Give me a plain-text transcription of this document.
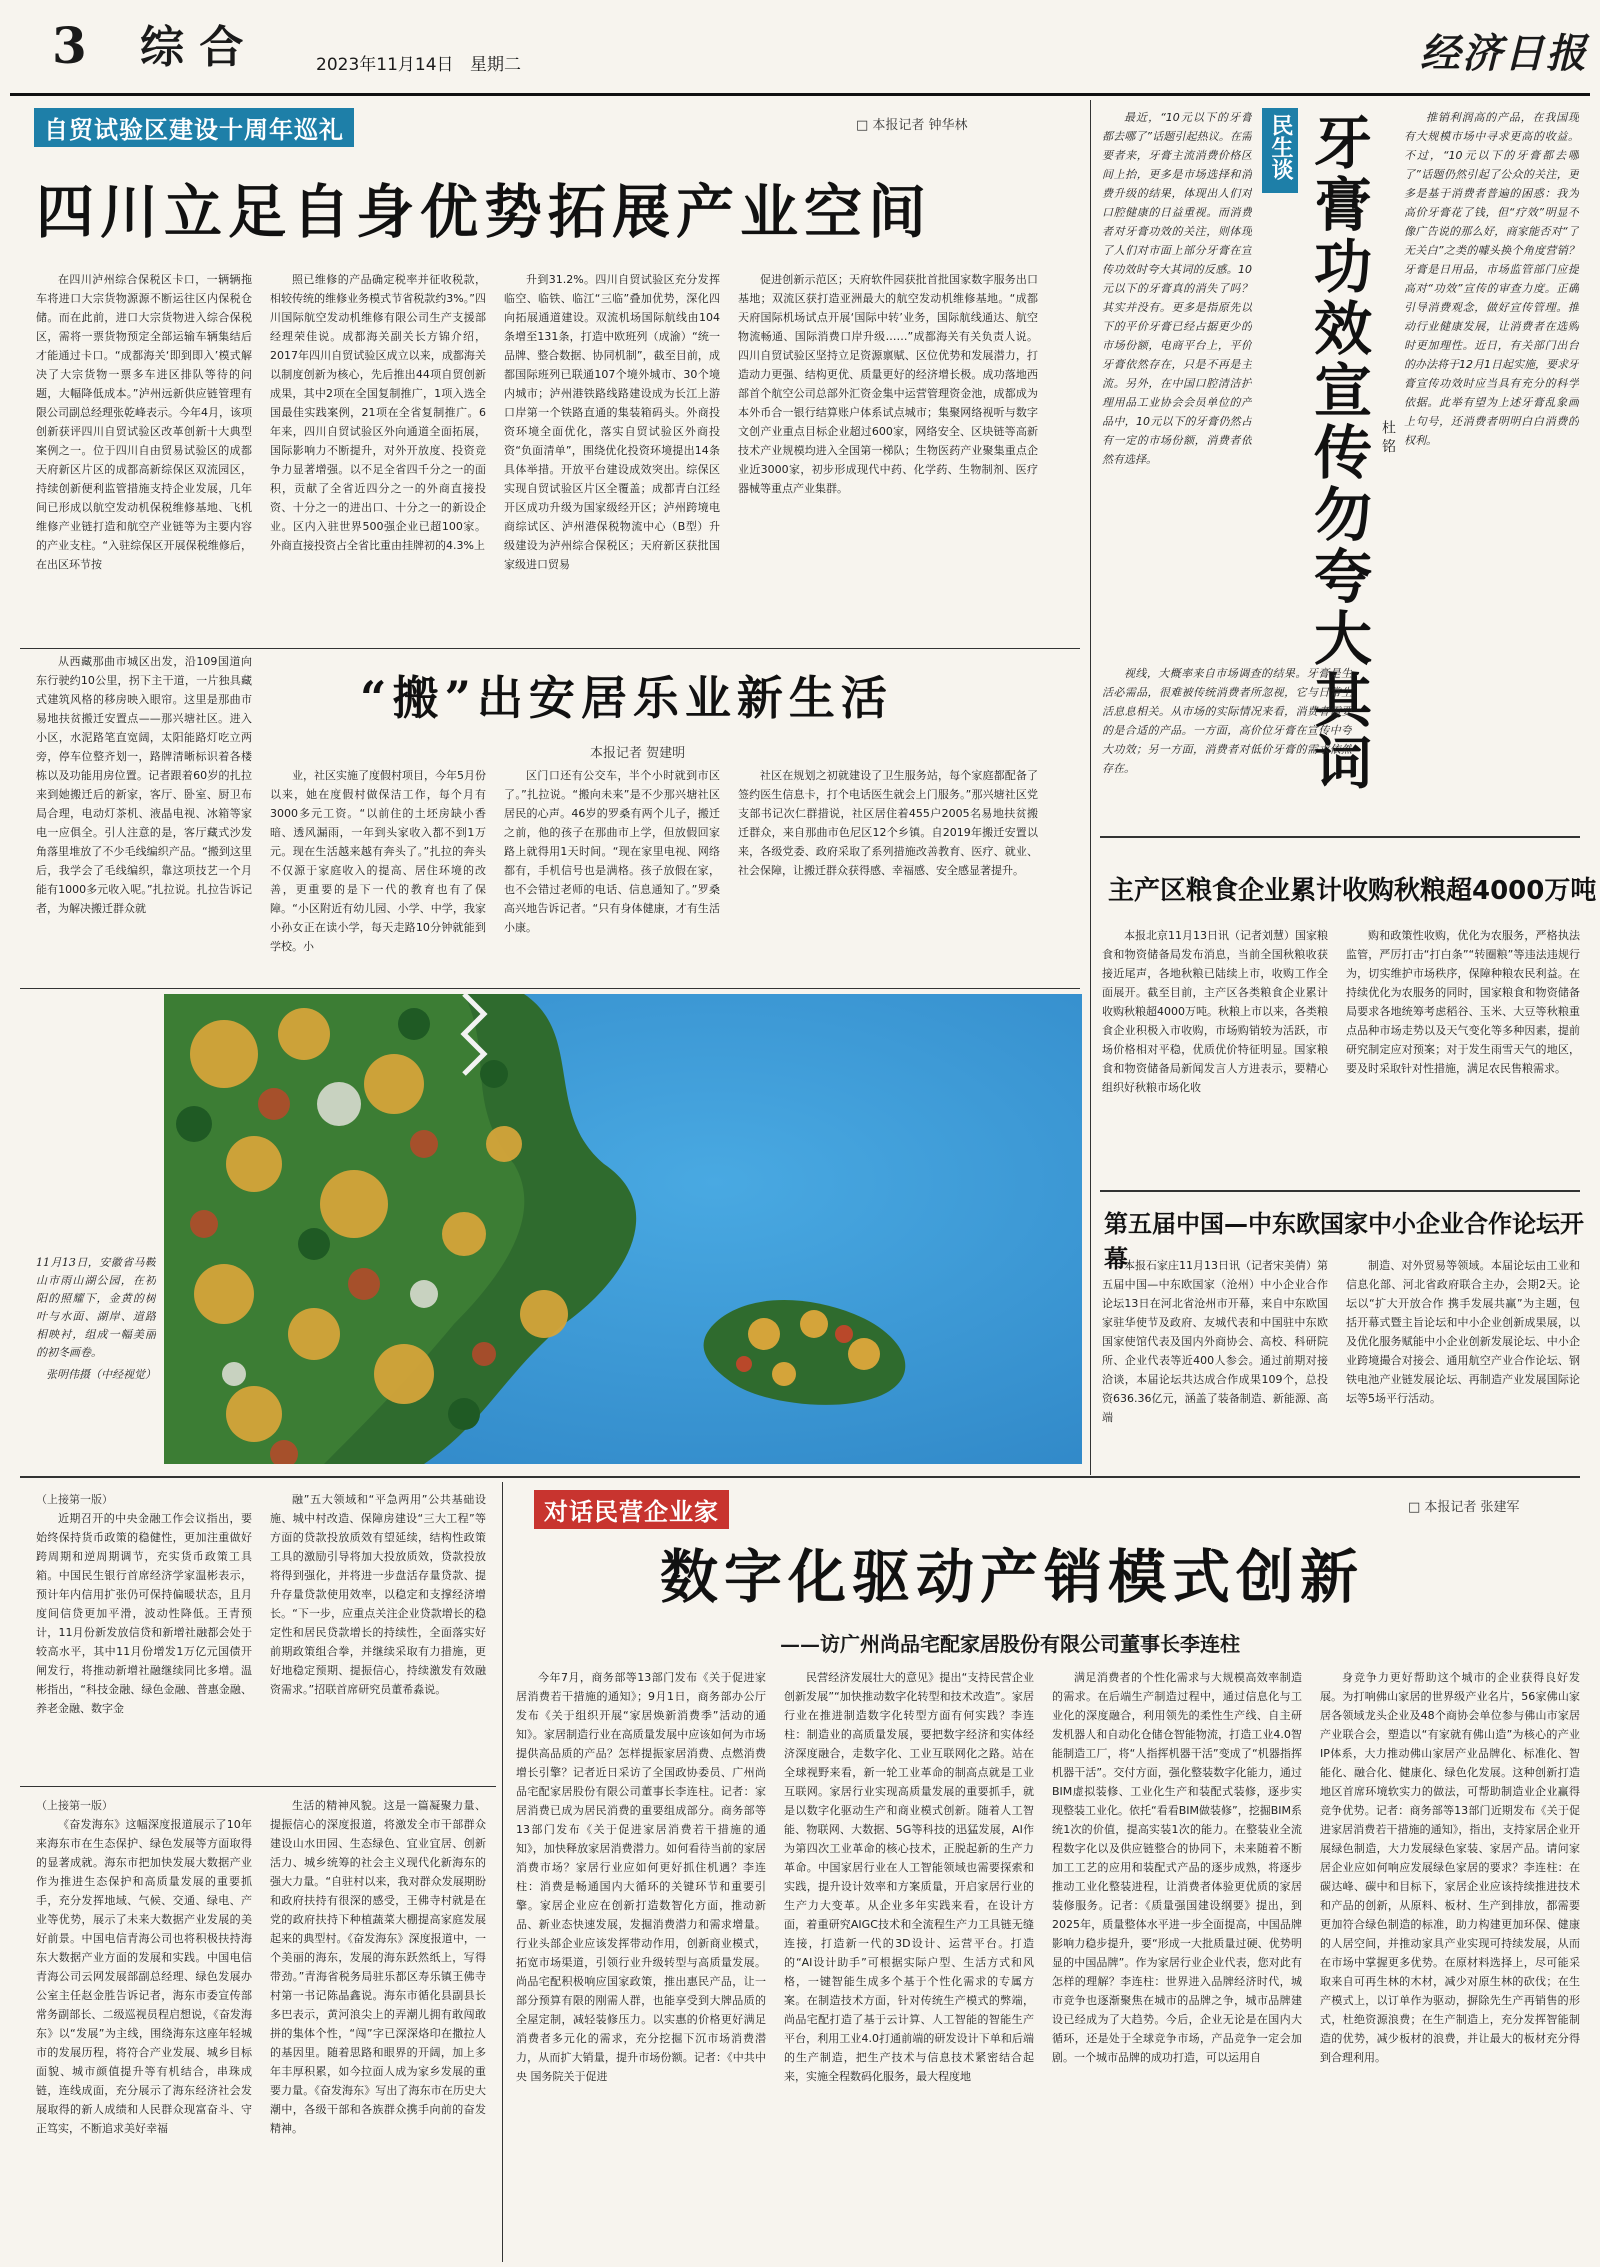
3 综 合	2023年11月14日 星期二	经济日报
自贸试验区建设十周年巡礼	□ 本报记者 钟华林
四川立足自身优势拓展产业空间

在四川泸州综合保税区卡口，一辆辆拖车将进口大宗货物源源不断运往区内保税仓储。而在此前，进口大宗货物进入综合保税区，需将一票货物预定全部运输车辆集结后才能通过卡口。“成都海关‘即到即入’模式解决了大宗货物一票多车进区排队等待的问题，大幅降低成本。”泸州远新供应链管理有限公司副总经理张乾峰表示。今年4月，该项创新获评四川自贸试验区改革创新十大典型案例之一。位于四川自由贸易试验区的成都天府新区片区的成都高新综保区双流园区，持续创新便利监管措施支持企业发展，几年间已形成以航空发动机保税维修基地、飞机维修产业链打造和航空产业链等为主要内容的产业支柱。“入驻综保区开展保税维修后，在出区环节按

照已维修的产品确定税率并征收税款，相较传统的维修业务模式节省税款约3%。”四川国际航空发动机维修有限公司生产支援部经理荣佳说。成都海关副关长方锦介绍，2017年四川自贸试验区成立以来，成都海关以制度创新为核心，先后推出44项自贸创新成果，其中2项在全国复制推广，1项入选全国最佳实践案例，21项在全省复制推广。6年来，四川自贸试验区外向通道全面拓展，国际影响力不断提升，对外开放度、投资竞争力显著增强。以不足全省四千分之一的面积，贡献了全省近四分之一的外商直接投资、十分之一的进出口、十分之一的新设企业。区内入驻世界500强企业已超100家。外商直接投资占全省比重由挂牌初的4.3%上

升到31.2%。四川自贸试验区充分发挥临空、临铁、临江“三临”叠加优势，深化四向拓展通道建设。双流机场国际航线由104条增至131条，打造中欧班列（成渝）“统一品牌、整合数据、协同机制”，截至目前，成都国际班列已联通107个境外城市、30个境内城市；泸州港铁路线路建设成为长江上游口岸第一个铁路直通的集装箱码头。外商投资环境全面优化，落实自贸试验区外商投资“负面清单”，围绕优化投资环境提出14条具体举措。开放平台建设成效突出。综保区实现自贸试验区片区全覆盖；成都青白江经开区成功升级为国家级经开区；泸州跨境电商综试区、泸州港保税物流中心（B型）升级建设为泸州综合保税区；天府新区获批国家级进口贸易

促进创新示范区；天府软件园获批首批国家数字服务出口基地；双流区获打造亚洲最大的航空发动机维修基地。“成都天府国际机场试点开展‘国际中转’业务，国际航线通达、航空物流畅通、国际消费口岸升级……”成都海关有关负责人说。四川自贸试验区坚持立足资源禀赋、区位优势和发展潜力，打造动力更强、结构更优、质量更好的经济增长极。成功落地西部首个航空公司总部外汇资金集中运营管理资金池，成都成为本外币合一银行结算账户体系试点城市；集聚网络视听与数字文创产业重点目标企业超过600家，网络安全、区块链等高新技术产业规模均进入全国第一梯队；生物医药产业聚集重点企业近3000家，初步形成现代中药、化学药、生物制剂、医疗器械等重点产业集群。

民生谈 牙膏功效宣传勿夸大其词 杜 铭

最近，“10元以下的牙膏都去哪了”话题引起热议。在需要者来，牙膏主流消费价格区间上抬，更多是市场选择和消费升级的结果，体现出人们对口腔健康的日益重视。而消费者对牙膏功效的关注，则体现了人们对市面上部分牙膏在宣传功效时夸大其词的反感。10元以下的牙膏真的消失了吗？其实并没有。更多是指原先以下的平价牙膏已经占据更少的市场份额，电商平台上，平价牙膏依然存在，只是不再是主流。另外，在中国口腔清洁护理用品工业协会会员单位的产品中，10元以下的牙膏仍然占有一定的市场份额，消费者依然有选择。

视线，大概率来自市场调查的结果。牙膏是生活必需品，很难被传统消费者所忽视，它与日常生活息息相关。从市场的实际情况来看，消费者需要的是合适的产品。一方面，高价位牙膏在宣传中夸大功效；另一方面，消费者对低价牙膏的需求依然存在。

推销利润高的产品，在我国现有大规模市场中寻求更高的收益。不过，“10元以下的牙膏都去哪了”话题仍然引起了公众的关注，更多是基于消费者普遍的困惑：我为高价牙膏花了钱，但“疗效”明显不像广告说的那么好，商家能否对“了无关白”之类的噱头换个角度营销？牙膏是日用品，市场监管部门应提高对“功效”宣传的审查力度。正确引导消费观念，做好宣传管理。推动行业健康发展，让消费者在选购时更加理性。近日，有关部门出台的办法将于12月1日起实施，要求牙膏宣传功效时应当具有充分的科学依据。此举有望为上述牙膏乱象画上句号，还消费者明明白白消费的权利。

主产区粮食企业累计收购秋粮超4000万吨

本报北京11月13日讯（记者刘慧）国家粮食和物资储备局发布消息，当前全国秋粮收获接近尾声，各地秋粮已陆续上市，收购工作全面展开。截至目前，主产区各类粮食企业累计收购秋粮超4000万吨。秋粮上市以来，各类粮食企业积极入市收购，市场购销较为活跃，市场价格相对平稳，优质优价特征明显。国家粮食和物资储备局新闻发言人方进表示，要精心组织好秋粮市场化收

购和政策性收购，优化为农服务，严格执法监管，严厉打击“打白条”“转圈粮”等违法违规行为，切实维护市场秩序，保障种粮农民利益。在持续优化为农服务的同时，国家粮食和物资储备局要求各地统筹考虑稻谷、玉米、大豆等秋粮重点品种市场走势以及天气变化等多种因素，提前研究制定应对预案；对于发生雨雪天气的地区，要及时采取针对性措施，满足农民售粮需求。

第五届中国—中东欧国家中小企业合作论坛开幕

本报石家庄11月13日讯（记者宋美倩）第五届中国—中东欧国家（沧州）中小企业合作论坛13日在河北省沧州市开幕，来自中东欧国家驻华使节及政府、友城代表和中国驻中东欧国家使馆代表及国内外商协会、高校、科研院所、企业代表等近400人参会。通过前期对接洽谈，本届论坛共达成合作成果109个，总投资636.36亿元，涵盖了装备制造、新能源、高端

制造、对外贸易等领域。本届论坛由工业和信息化部、河北省政府联合主办，会期2天。论坛以“扩大开放合作 携手发展共赢”为主题，包括开幕式暨主旨论坛和中小企业创新成果展，以及优化服务赋能中小企业创新发展论坛、中小企业跨境撮合对接会、通用航空产业合作论坛、钢铁电池产业链发展论坛、再制造产业发展国际论坛等5场平行活动。

“搬”出安居乐业新生活
本报记者 贺建明

从西藏那曲市城区出发，沿109国道向东行驶约10公里，拐下主干道，一片独具藏式建筑风格的移房映入眼帘。这里是那曲市易地扶贫搬迁安置点——那兴塘社区。进入小区，水泥路笔直宽阔，太阳能路灯吃立两旁，停车位整齐划一，路牌清晰标识着各楼栋以及功能用房位置。记者跟着60岁的扎拉来到她搬迁后的新家，客厅、卧室、厨卫布局合理，电动灯茶机、液晶电视、冰箱等家电一应俱全。引人注意的是，客厅藏式沙发角落里堆放了不少毛线编织产品。“搬到这里后，我学会了毛线编织，靠这项技艺一个月能有1000多元收入呢。”扎拉说。扎拉告诉记者，为解决搬迁群众就

业，社区实施了度假村项目，今年5月份以来，她在度假村做保洁工作，每个月有3000多元工资。“以前住的土坯房缺小香暗、透风漏雨，一年到头家收入都不到1万元。现在生活越来越有奔头了。”扎拉的奔头不仅源于家庭收入的提高、居住环境的改善，更重要的是下一代的教育也有了保障。“小区附近有幼儿园、小学、中学，我家小孙女正在读小学，每天走路10分钟就能到学校。小

区门口还有公交车，半个小时就到市区了。”扎拉说。“搬向未来”是不少那兴塘社区居民的心声。46岁的罗桑有两个儿子，搬迁之前，他的孩子在那曲市上学，但放假回家路上就得用1天时间。“现在家里电视、网络都有，手机信号也是满格。孩子放假在家，也不会错过老师的电话、信息通知了。”罗桑高兴地告诉记者。“只有身体健康，才有生活小康。

社区在规划之初就建设了卫生服务站，每个家庭都配备了签约医生信息卡，打个电话医生就会上门服务。”那兴塘社区党支部书记次仁群措说，社区居住着455户2005名易地扶贫搬迁群众，来自那曲市色尼区12个乡镇。自2019年搬迁安置以来，各级党委、政府采取了系列措施改善教育、医疗、就业、社会保障，让搬迁群众获得感、幸福感、安全感显著提升。

11月13日，安徽省马鞍山市雨山湖公园，在初阳的照耀下，金黄的树叶与水面、湖岸、道路相映衬，组成一幅美丽的初冬画卷。

张明伟摄（中经视觉）

（上接第一版）

近期召开的中央金融工作会议指出，要始终保持货币政策的稳健性，更加注重做好跨周期和逆周期调节，充实货币政策工具箱。中国民生银行首席经济学家温彬表示，预计年内信用扩张仍可保持偏暖状态，且月度间信贷更加平滑，波动性降低。王青预计，11月份新发放信贷和新增社融都会处于较高水平，其中11月份增发1万亿元国债开闸发行，将推动新增社融继续同比多增。温彬指出，“科技金融、绿色金融、普惠金融、养老金融、数字金

融”五大领域和“平急两用”公共基础设施、城中村改造、保障房建设“三大工程”等方面的贷款投放质效有望延续，结构性政策工具的激励引导将加大投放质效，贷款投放将得到强化，并将进一步盘活存量贷款、提升存量贷款使用效率，以稳定和支撑经济增长。“下一步，应重点关注企业贷款增长的稳定性和居民贷款增长的持续性，全面落实好前期政策组合拳，并继续采取有力措施，更好地稳定预期、提振信心，持续激发有效融资需求。”招联首席研究员董希淼说。

（上接第一版）

《奋发海东》这幅深度报道展示了10年来海东市在生态保护、绿色发展等方面取得的显著成就。海东市把加快发展大数据产业作为推进生态保护和高质量发展的重要抓手，充分发挥地域、气候、交通、绿电、产业等优势，展示了未来大数据产业发展的美好前景。中国电信青海公司也将积极扶持海东大数据产业方面的发展和实践。中国电信青海公司云网发展部副总经理、绿色发展办公室主任赵金胜告诉记者，海东市委宣传部常务副部长、二级巡视员程启想说，《奋发海东》以“发展”为主线，围绕海东这座年轻城市的发展历程，将符合产业发展、城乡目标面貌、城市颜值提升等有机结合，串珠成链，连线成面，充分展示了海东经济社会发展取得的新人成绩和人民群众现富奋斗、守正笃实，不断追求美好幸福

生活的精神风貌。这是一篇凝聚力量、提振信心的深度报道，将激发全市干部群众建设山水田园、生态绿色、宜业宜居、创新活力、城乡统筹的社会主义现代化新海东的强大力量。“自驻村以来，我对群众发展期盼和政府扶持有很深的感受，王佛寺村就是在党的政府扶持下种植蔬菜大棚提高家庭发展起来的典型村。《奋发海东》深度报道中，一个美丽的海东，发展的海东跃然纸上，写得带劲。”青海省税务局驻乐都区寿乐镇王佛寺村第一书记陈晶鑫说。海东市循化县副县长多巴表示，黄河浪尖上的弄潮儿拥有敢闯敢拼的集体个性，“闯”字已深深烙印在撒拉人的基因里。随着思路和眼界的开阔，加上多年丰厚积累，如今拉面人成为家乡发展的重要力量。《奋发海东》写出了海东市在历史大潮中，各级干部和各族群众携手向前的奋发精神。

对话民营企业家	□ 本报记者 张建军
数字化驱动产销模式创新
——访广州尚品宅配家居股份有限公司董事长李连柱

今年7月，商务部等13部门发布《关于促进家居消费若干措施的通知》；9月1日，商务部办公厅发布《关于组织开展“家居焕新消费季”活动的通知》。家居制造行业在高质量发展中应该如何为市场提供高品质的产品？怎样提振家居消费、点燃消费增长引擎？记者近日采访了全国政协委员、广州尚品宅配家居股份有限公司董事长李连柱。记者：家居消费已成为居民消费的重要组成部分。商务部等13部门发布《关于促进家居消费若干措施的通知》，加快释放家居消费潜力。如何看待当前的家居消费市场？家居行业应如何更好抓住机遇？李连柱：消费是畅通国内大循环的关键环节和重要引擎。家居企业应在创新打造数智化方面，推动新品、新业态快速发展，发掘消费潜力和需求增量。行业头部企业应该发挥带动作用，创新商业模式，拓宽市场渠道，引领行业升级转型与高质量发展。尚品宅配积极响应国家政策，推出惠民产品，让一部分预算有限的刚需人群，也能享受到大牌品质的全屋定制，减轻装修压力。以实惠的价格更好满足消费者多元化的需求，充分挖掘下沉市场消费潜力，从而扩大销量，提升市场份额。记者：《中共中央 国务院关于促进

民营经济发展壮大的意见》提出“支持民营企业创新发展”“加快推动数字化转型和技术改造”。家居行业在推进制造数字化转型方面有何实践？李连柱：制造业的高质量发展，要把数字经济和实体经济深度融合，走数字化、工业互联网化之路。站在全球视野来看，新一轮工业革命的制高点就是工业互联网。家居行业实现高质量发展的重要抓手，就是以数字化驱动生产和商业模式创新。随着人工智能、物联网、大数据、5G等科技的迅猛发展，AI作为第四次工业革命的核心技术，正脱起新的生产力革命。中国家居行业在人工智能领域也需要探索和实践，提升设计效率和方案质量，开启家居行业的生产力大变革。从企业多年实践来看，在设计方面，着重研究AIGC技术和全流程生产力工具链无缝连接，打造新一代的3D设计、运营平台。打造的“AI设计助手”可根据实际户型、生活方式和风格，一键智能生成多个基于个性化需求的专属方案。在制造技术方面，针对传统生产模式的弊端，尚品宅配打造了基于云计算、人工智能的智能生产平台，利用工业4.0打通前端的研发设计下单和后端的生产制造，把生产技术与信息技术紧密结合起来，实施全程数码化服务，最大程度地

满足消费者的个性化需求与大规模高效率制造的需求。在后端生产制造过程中，通过信息化与工业化的深度融合，利用领先的柔性生产线、自主研发机器人和自动化仓储仓智能物流，打造工业4.0智能制造工厂，将“人指挥机器干活”变成了“机器指挥机器干活”。交付方面，强化整装数字化能力，通过BIM虚拟装修、工业化生产和装配式装修，逐步实现整装工业化。依托“看看BIM做装修”，挖掘BIM系统1次的价值，提高实装1次的能力。在整装业全流程数字化以及供应链整合的协同下，未来随着不断加工工艺的应用和装配式产品的逐步成熟，将逐步推动工业化整装进程，让消费者体验更优质的家居装修服务。记者：《质量强国建设纲要》提出，到2025年，质量整体水平进一步全面提高，中国品牌影响力稳步提升，要“形成一大批质量过硬、优势明显的中国品牌”。作为家居行业企业代表，您对此有怎样的理解？李连柱：世界进入品牌经济时代，城市竞争也逐渐聚焦在城市的品牌之争，城市品牌建设已经成为了大趋势。今后，企业无论是在国内大循环，还是处于全球竞争市场，产品竞争一定会加剧。一个城市品牌的成功打造，可以运用自

身竞争力更好帮助这个城市的企业获得良好发展。为打响佛山家居的世界级产业名片，56家佛山家居各领域龙头企业及48个商协会单位参与佛山市家居产业联合会，塑造以“有家就有佛山造”为核心的产业IP体系，大力推动佛山家居产业品牌化、标准化、智能化、融合化、健康化、绿色化发展。这种创新打造地区首席环境软实力的做法，可帮助制造业企业赢得竞争优势。记者：商务部等13部门近期发布《关于促进家居消费若干措施的通知》，指出，支持家居企业开展绿色制造，大力发展绿色家装、家居产品。请问家居企业应如何响应发展绿色家居的要求？李连柱：在碳达峰、碳中和目标下，家居企业应该持续推进技术和产品的创新，从原料、板材、生产到排放，都需要更加符合绿色制造的标准，助力构建更加环保、健康的人居空间，并推动家具产业实现可持续发展，从而在市场中掌握更多优势。在原材料选择上，尽可能采取来自可再生林的木材，减少对原生林的砍伐；在生产模式上，以订单作为驱动，摒除先生产再销售的形式，杜绝资源浪费；在生产制造上，充分发挥智能制造的优势，减少板材的浪费，并让最大的板材充分得到合理利用。
